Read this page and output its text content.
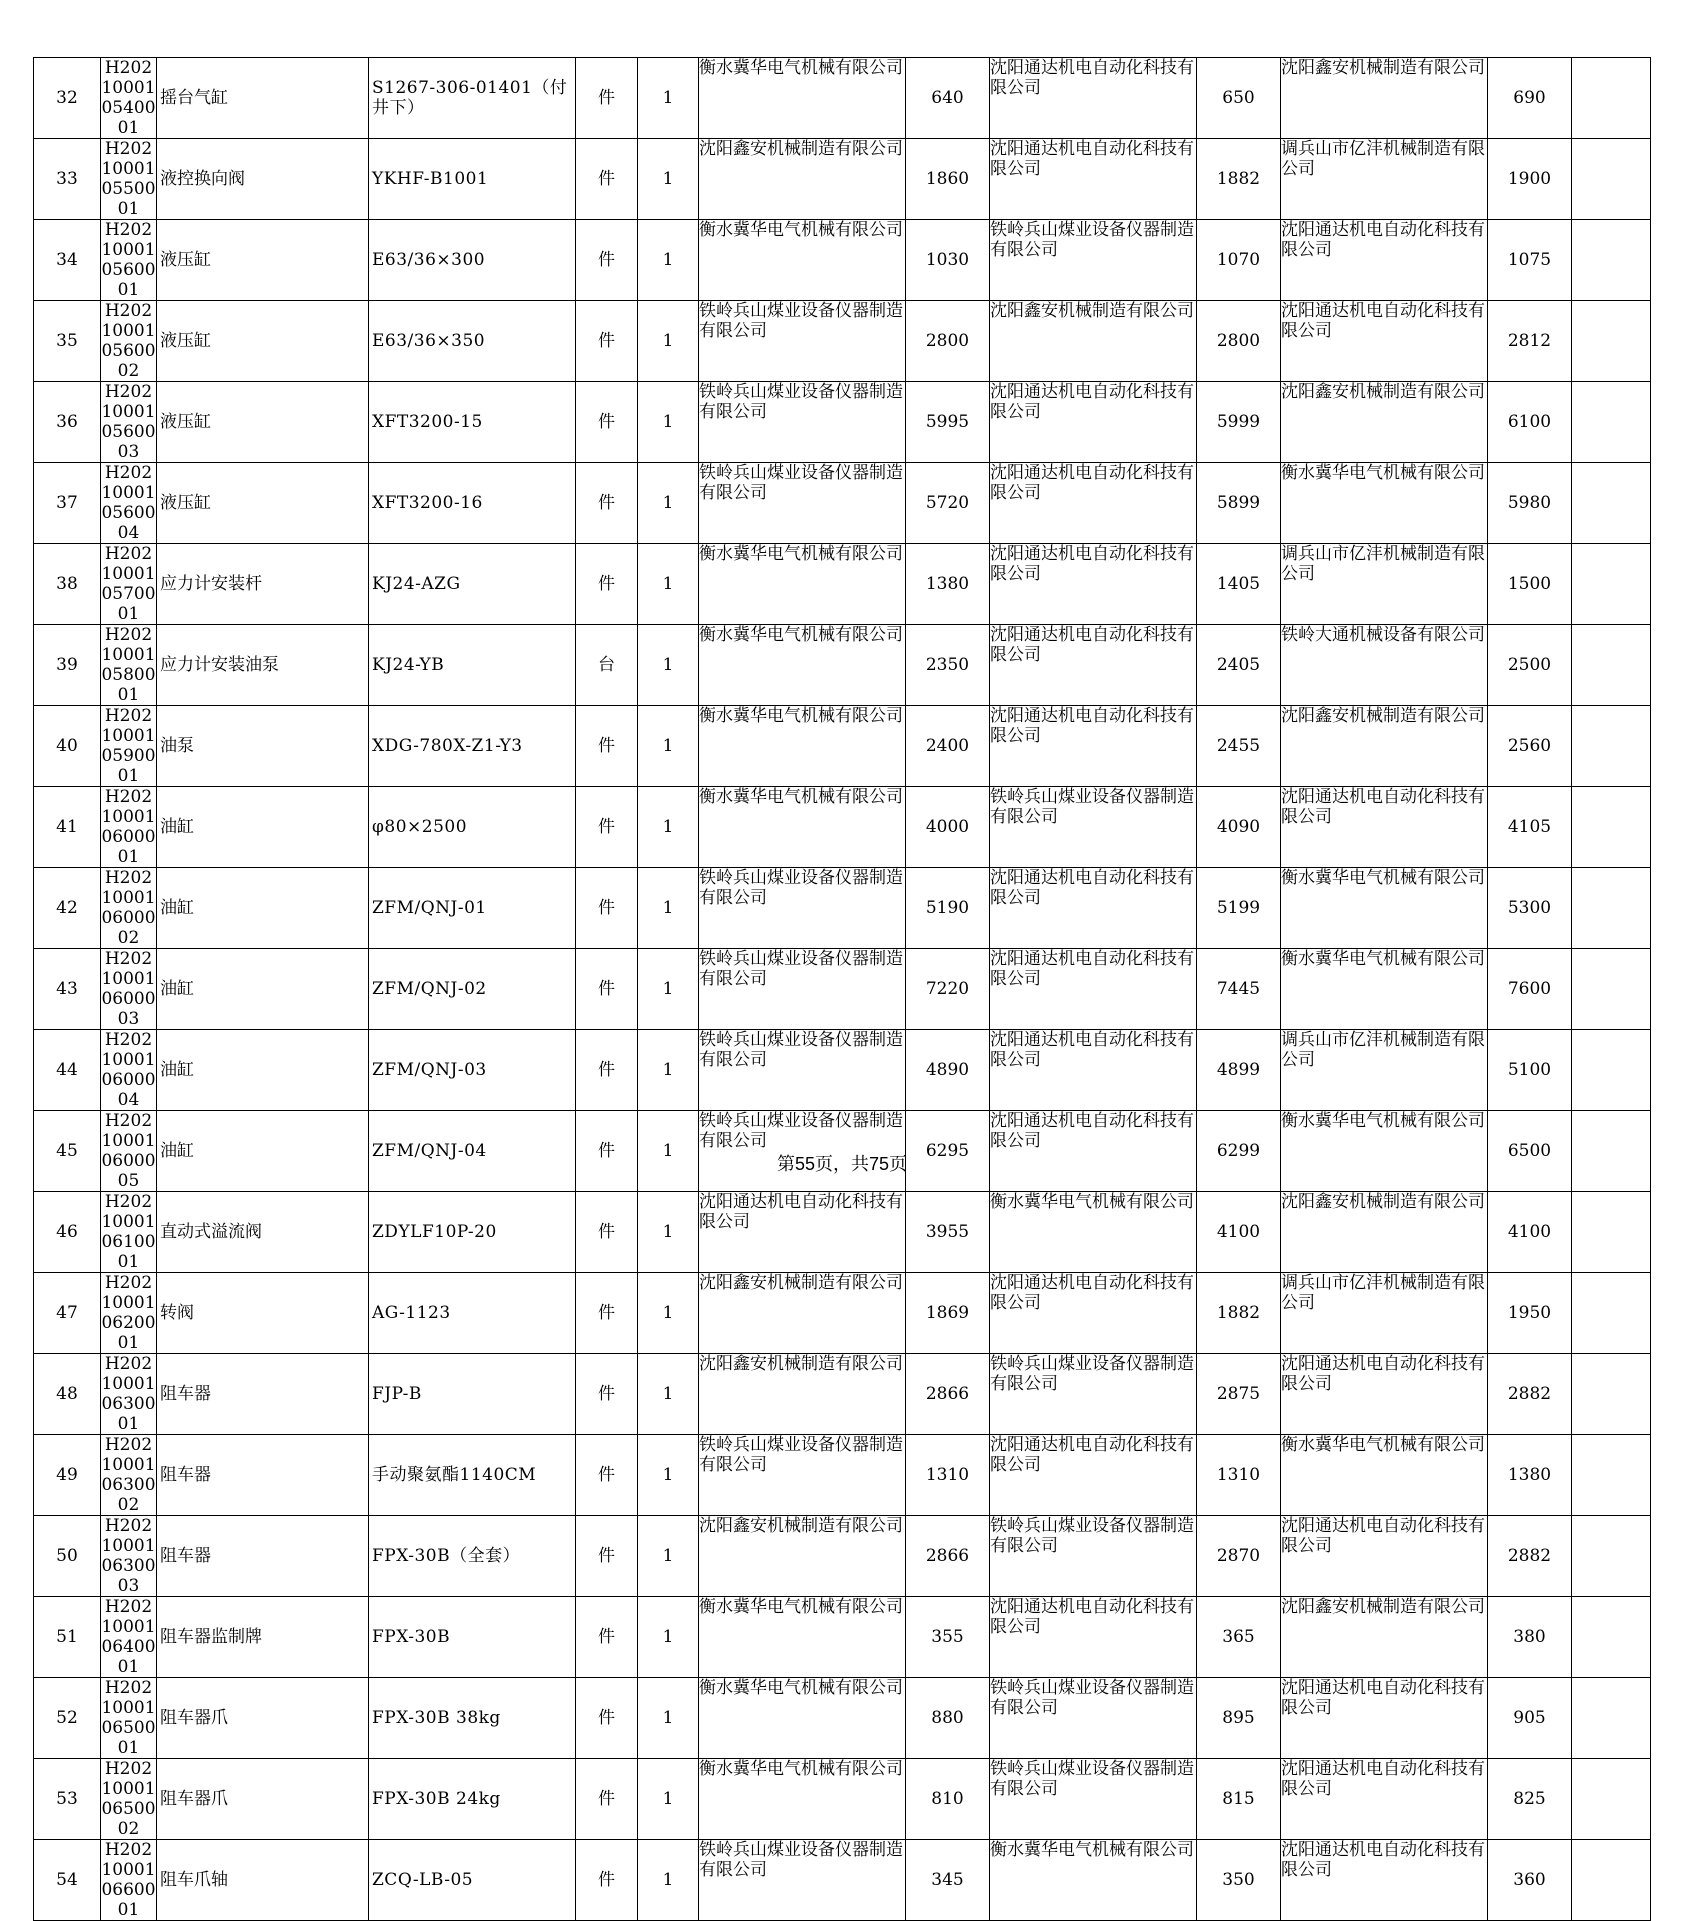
32	H202100010540001	摇台气缸	S1267-306-01401（付井下）	件	1	衡水冀华电气机械有限公司	640	沈阳通达机电自动化科技有限公司	650	沈阳鑫安机械制造有限公司	690	
33	H202100010550001	液控换向阀	YKHF-B1001	件	1	沈阳鑫安机械制造有限公司	1860	沈阳通达机电自动化科技有限公司	1882	调兵山市亿沣机械制造有限公司	1900	
34	H202100010560001	液压缸	E63/36×300	件	1	衡水冀华电气机械有限公司	1030	铁岭兵山煤业设备仪器制造有限公司	1070	沈阳通达机电自动化科技有限公司	1075	
35	H202100010560002	液压缸	E63/36×350	件	1	铁岭兵山煤业设备仪器制造有限公司	2800	沈阳鑫安机械制造有限公司	2800	沈阳通达机电自动化科技有限公司	2812	
36	H202100010560003	液压缸	XFT3200-15	件	1	铁岭兵山煤业设备仪器制造有限公司	5995	沈阳通达机电自动化科技有限公司	5999	沈阳鑫安机械制造有限公司	6100	
37	H202100010560004	液压缸	XFT3200-16	件	1	铁岭兵山煤业设备仪器制造有限公司	5720	沈阳通达机电自动化科技有限公司	5899	衡水冀华电气机械有限公司	5980	
38	H202100010570001	应力计安装杆	KJ24-AZG	件	1	衡水冀华电气机械有限公司	1380	沈阳通达机电自动化科技有限公司	1405	调兵山市亿沣机械制造有限公司	1500	
39	H202100010580001	应力计安装油泵	KJ24-YB	台	1	衡水冀华电气机械有限公司	2350	沈阳通达机电自动化科技有限公司	2405	铁岭大通机械设备有限公司	2500	
40	H202100010590001	油泵	XDG-780X-Z1-Y3	件	1	衡水冀华电气机械有限公司	2400	沈阳通达机电自动化科技有限公司	2455	沈阳鑫安机械制造有限公司	2560	
41	H202100010600001	油缸	φ80×2500	件	1	衡水冀华电气机械有限公司	4000	铁岭兵山煤业设备仪器制造有限公司	4090	沈阳通达机电自动化科技有限公司	4105	
42	H202100010600002	油缸	ZFM/QNJ-01	件	1	铁岭兵山煤业设备仪器制造有限公司	5190	沈阳通达机电自动化科技有限公司	5199	衡水冀华电气机械有限公司	5300	
43	H202100010600003	油缸	ZFM/QNJ-02	件	1	铁岭兵山煤业设备仪器制造有限公司	7220	沈阳通达机电自动化科技有限公司	7445	衡水冀华电气机械有限公司	7600	
44	H202100010600004	油缸	ZFM/QNJ-03	件	1	铁岭兵山煤业设备仪器制造有限公司	4890	沈阳通达机电自动化科技有限公司	4899	调兵山市亿沣机械制造有限公司	5100	
45	H202100010600005	油缸	ZFM/QNJ-04	件	1	铁岭兵山煤业设备仪器制造有限公司	6295	沈阳通达机电自动化科技有限公司	6299	衡水冀华电气机械有限公司	6500	
46	H202100010610001	直动式溢流阀	ZDYLF10P-20	件	1	沈阳通达机电自动化科技有限公司	3955	衡水冀华电气机械有限公司	4100	沈阳鑫安机械制造有限公司	4100	
47	H202100010620001	转阀	AG-1123	件	1	沈阳鑫安机械制造有限公司	1869	沈阳通达机电自动化科技有限公司	1882	调兵山市亿沣机械制造有限公司	1950	
48	H202100010630001	阻车器	FJP-B	件	1	沈阳鑫安机械制造有限公司	2866	铁岭兵山煤业设备仪器制造有限公司	2875	沈阳通达机电自动化科技有限公司	2882	
49	H202100010630002	阻车器	手动聚氨酯1140CM	件	1	铁岭兵山煤业设备仪器制造有限公司	1310	沈阳通达机电自动化科技有限公司	1310	衡水冀华电气机械有限公司	1380	
50	H202100010630003	阻车器	FPX-30B（全套）	件	1	沈阳鑫安机械制造有限公司	2866	铁岭兵山煤业设备仪器制造有限公司	2870	沈阳通达机电自动化科技有限公司	2882	
51	H202100010640001	阻车器监制牌	FPX-30B	件	1	衡水冀华电气机械有限公司	355	沈阳通达机电自动化科技有限公司	365	沈阳鑫安机械制造有限公司	380	
52	H202100010650001	阻车器爪	FPX-30B 38kg	件	1	衡水冀华电气机械有限公司	880	铁岭兵山煤业设备仪器制造有限公司	895	沈阳通达机电自动化科技有限公司	905	
53	H202100010650002	阻车器爪	FPX-30B 24kg	件	1	衡水冀华电气机械有限公司	810	铁岭兵山煤业设备仪器制造有限公司	815	沈阳通达机电自动化科技有限公司	825	
54	H202100010660001	阻车爪轴	ZCQ-LB-05	件	1	铁岭兵山煤业设备仪器制造有限公司	345	衡水冀华电气机械有限公司	350	沈阳通达机电自动化科技有限公司	360	
第55页，共75页
